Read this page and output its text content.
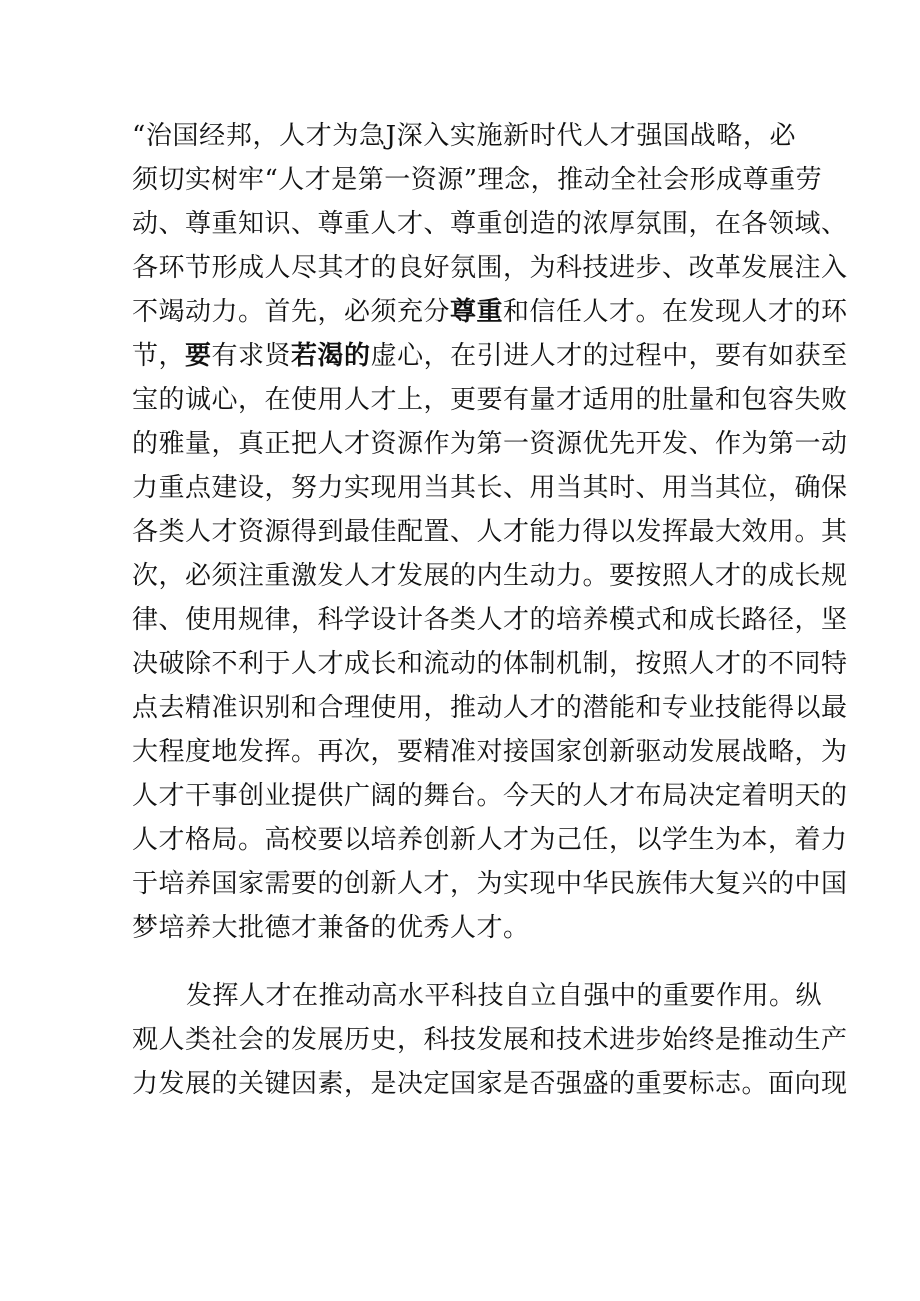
“治国经邦，人才为急J深入实施新时代人才强国战略，必
须切实树牢“人才是第一资源”理念，推动全社会形成尊重劳
动、尊重知识、尊重人才、尊重创造的浓厚氛围，在各领域、
各环节形成人尽其才的良好氛围，为科技进步、改革发展注入
不竭动力。首先，必须充分尊重和信任人才。在发现人才的环
节，要有求贤若渴的虚心，在引进人才的过程中，要有如获至
宝的诚心，在使用人才上，更要有量才适用的肚量和包容失败
的雅量，真正把人才资源作为第一资源优先开发、作为第一动
力重点建设，努力实现用当其长、用当其时、用当其位，确保
各类人才资源得到最佳配置、人才能力得以发挥最大效用。其
次，必须注重激发人才发展的内生动力。要按照人才的成长规
律、使用规律，科学设计各类人才的培养模式和成长路径，坚
决破除不利于人才成长和流动的体制机制，按照人才的不同特
点去精准识别和合理使用，推动人才的潜能和专业技能得以最
大程度地发挥。再次，要精准对接国家创新驱动发展战略，为
人才干事创业提供广阔的舞台。今天的人才布局决定着明天的
人才格局。高校要以培养创新人才为己任，以学生为本，着力
于培养国家需要的创新人才，为实现中华民族伟大复兴的中国
梦培养大批德才兼备的优秀人才。
发挥人才在推动高水平科技自立自强中的重要作用。纵
观人类社会的发展历史，科技发展和技术进步始终是推动生产
力发展的关键因素，是决定国家是否强盛的重要标志。面向现
